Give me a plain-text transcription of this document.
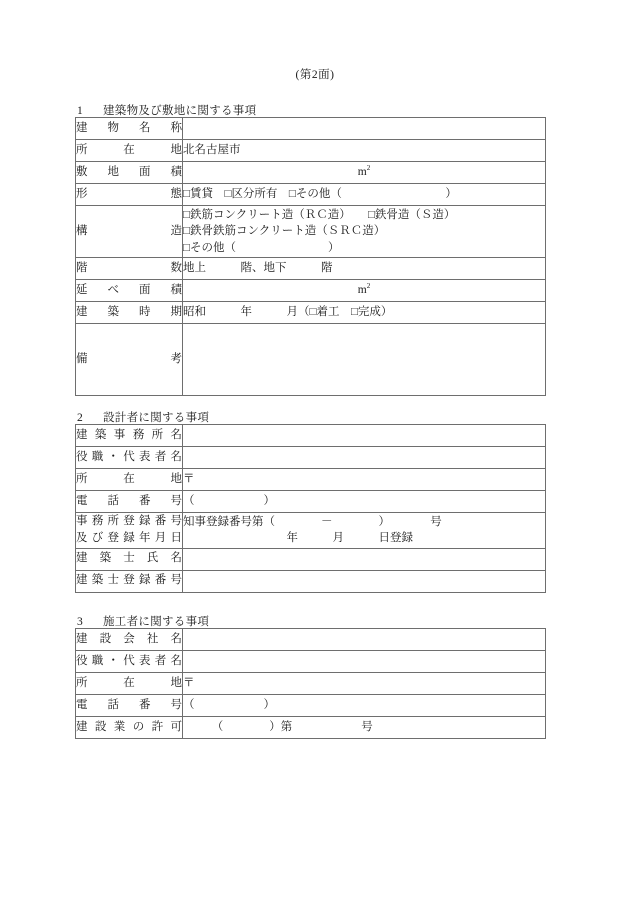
(第2面)
1 建築物及び敷地に関する事項
建物名称	

所在地	北名古屋市

敷地面積	$m^2$

形態	□賃貸　□区分所有　□その他（　　　　　　　　　）

構造	□鉄筋コンクリート造（ＲＣ造）　　□鉄骨造（Ｓ造）
□鉄骨鉄筋コンクリート造（ＳＲＣ造）
□その他（　　　　　　　　）

階数	地上　　　階、地下　　　階

延べ面積	$m^2$

建築時期	昭和　　　年　　　月（□着工　□完成）

備考	

2 設計者に関する事項
建築事務所名	

役職・代表者名	

所在地	〒

電話番号	（　　　　　　）

事務所登録番号
及び登録年月日	知事登録番号第（　　　　－　　　　）　　　　号
　　　　　　　　　年　　　月　　　日登録

建築士氏名	

建築士登録番号	

3 施工者に関する事項
建設会社名	

役職・代表者名	

所在地	〒

電話番号	（　　　　　　）

建設業の許可	　　　（　　　　）第　　　　　　号
